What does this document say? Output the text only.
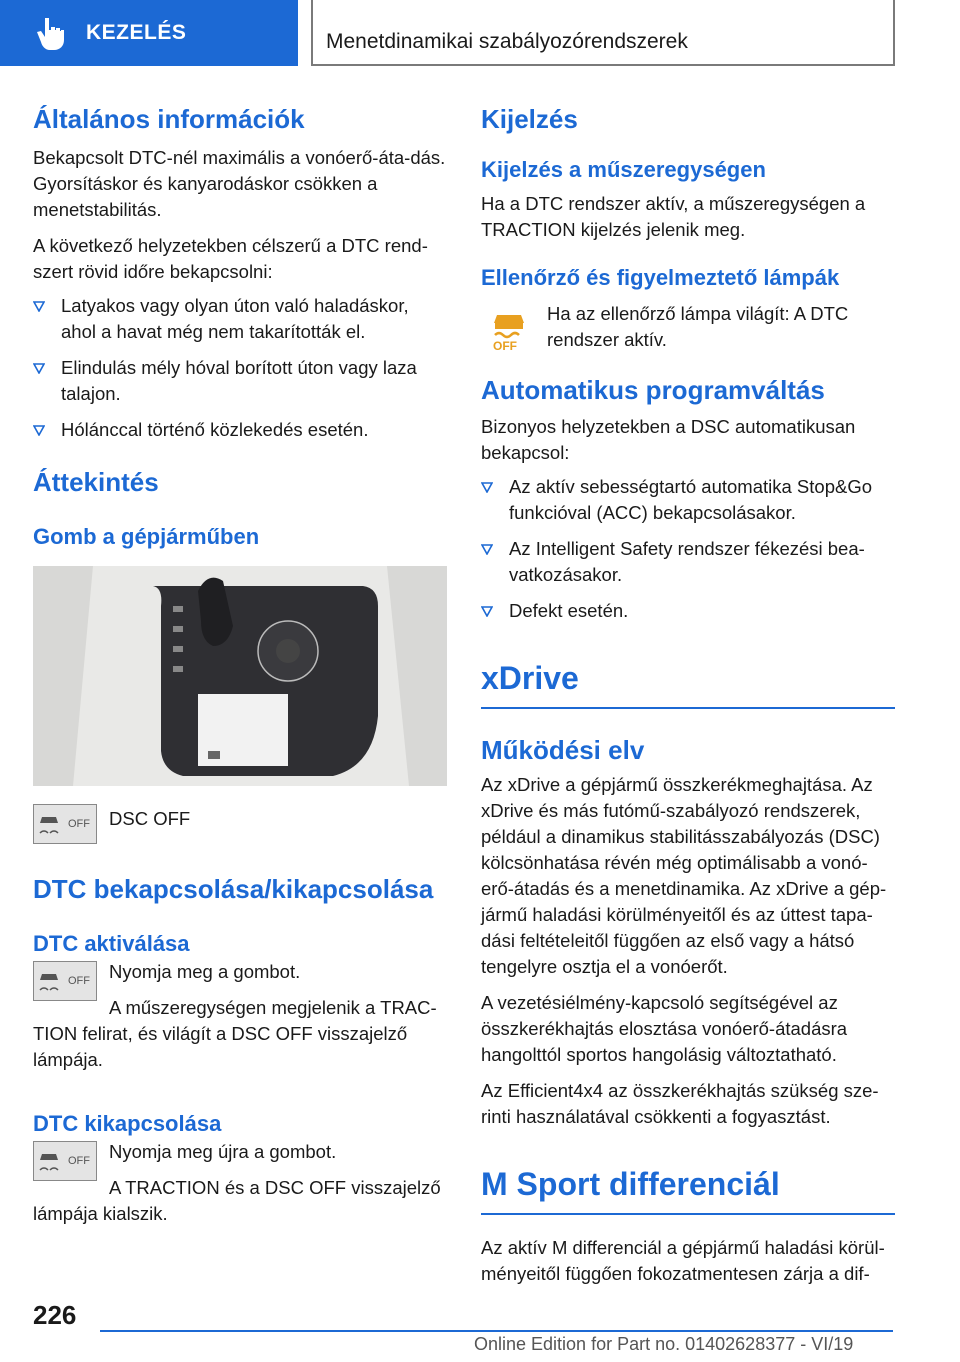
KEZELÉS	Menetdinamikai szabályozórendszerek
Általános információk

Bekapcsolt DTC-nél maximális a vonóerő-áta-dás. Gyorsításkor és kanyarodáskor csökken a menetstabilitás.

A következő helyzetekben célszerű a DTC rend-szert rövid időre bekapcsolni:

Latyakos vagy olyan úton való haladáskor, ahol a havat még nem takarították el.
Elindulás mély hóval borított úton vagy laza talajon.
Hólánccal történő közlekedés esetén.
Áttekintés
Gomb a gépjárműben
OFF	DSC OFF

DTC bekapcsolása/kikapcsolása
DTC aktiválása
OFF	Nyomja meg a gombot.

A műszeregységen megjelenik a TRAC-TION felirat, és világít a DSC OFF visszajelző lámpája.

DTC kikapcsolása
OFF	Nyomja meg újra a gombot.

A TRACTION és a DSC OFF visszajelző lámpája kialszik.

Kijelzés
Kijelzés a műszeregységen

Ha a DTC rendszer aktív, a műszeregységen a TRACTION kijelzés jelenik meg.

Ellenőrző és figyelmeztető lámpák
OFF

Ha az ellenőrző lámpa világít: A DTC rendszer aktív.

Automatikus programváltás

Bizonyos helyzetekben a DSC automatikusan bekapcsol:

Az aktív sebességtartó automatika Stop&Go funkcióval (ACC) bekapcsolásakor.
Az Intelligent Safety rendszer fékezési bea-vatkozásakor.
Defekt esetén.
xDrive
Működési elv

Az xDrive a gépjármű összkerékmeghajtása. Az xDrive és más futómű-szabályozó rendszerek, például a dinamikus stabilitásszabályozás (DSC) kölcsönhatása révén még optimálisabb a vonó-erő-átadás és a menetdinamika. Az xDrive a gép-jármű haladási körülményeitől és az úttest tapa-dási feltételeitől függően az első vagy a hátsó tengelyre osztja el a vonóerőt.

A vezetésiélmény-kapcsoló segítségével az összkerékhajtás elosztása vonóerő-átadásra hangolttól sportos hangolásig változtatható.

Az Efficient4x4 az összkerékhajtás szükség sze-rinti használatával csökkenti a fogyasztást.

M Sport differenciál

Az aktív M differenciál a gépjármű haladási körül-ményeitől függően fokozatmentesen zárja a dif-

226
Online Edition for Part no. 01402628377 - VI/19
